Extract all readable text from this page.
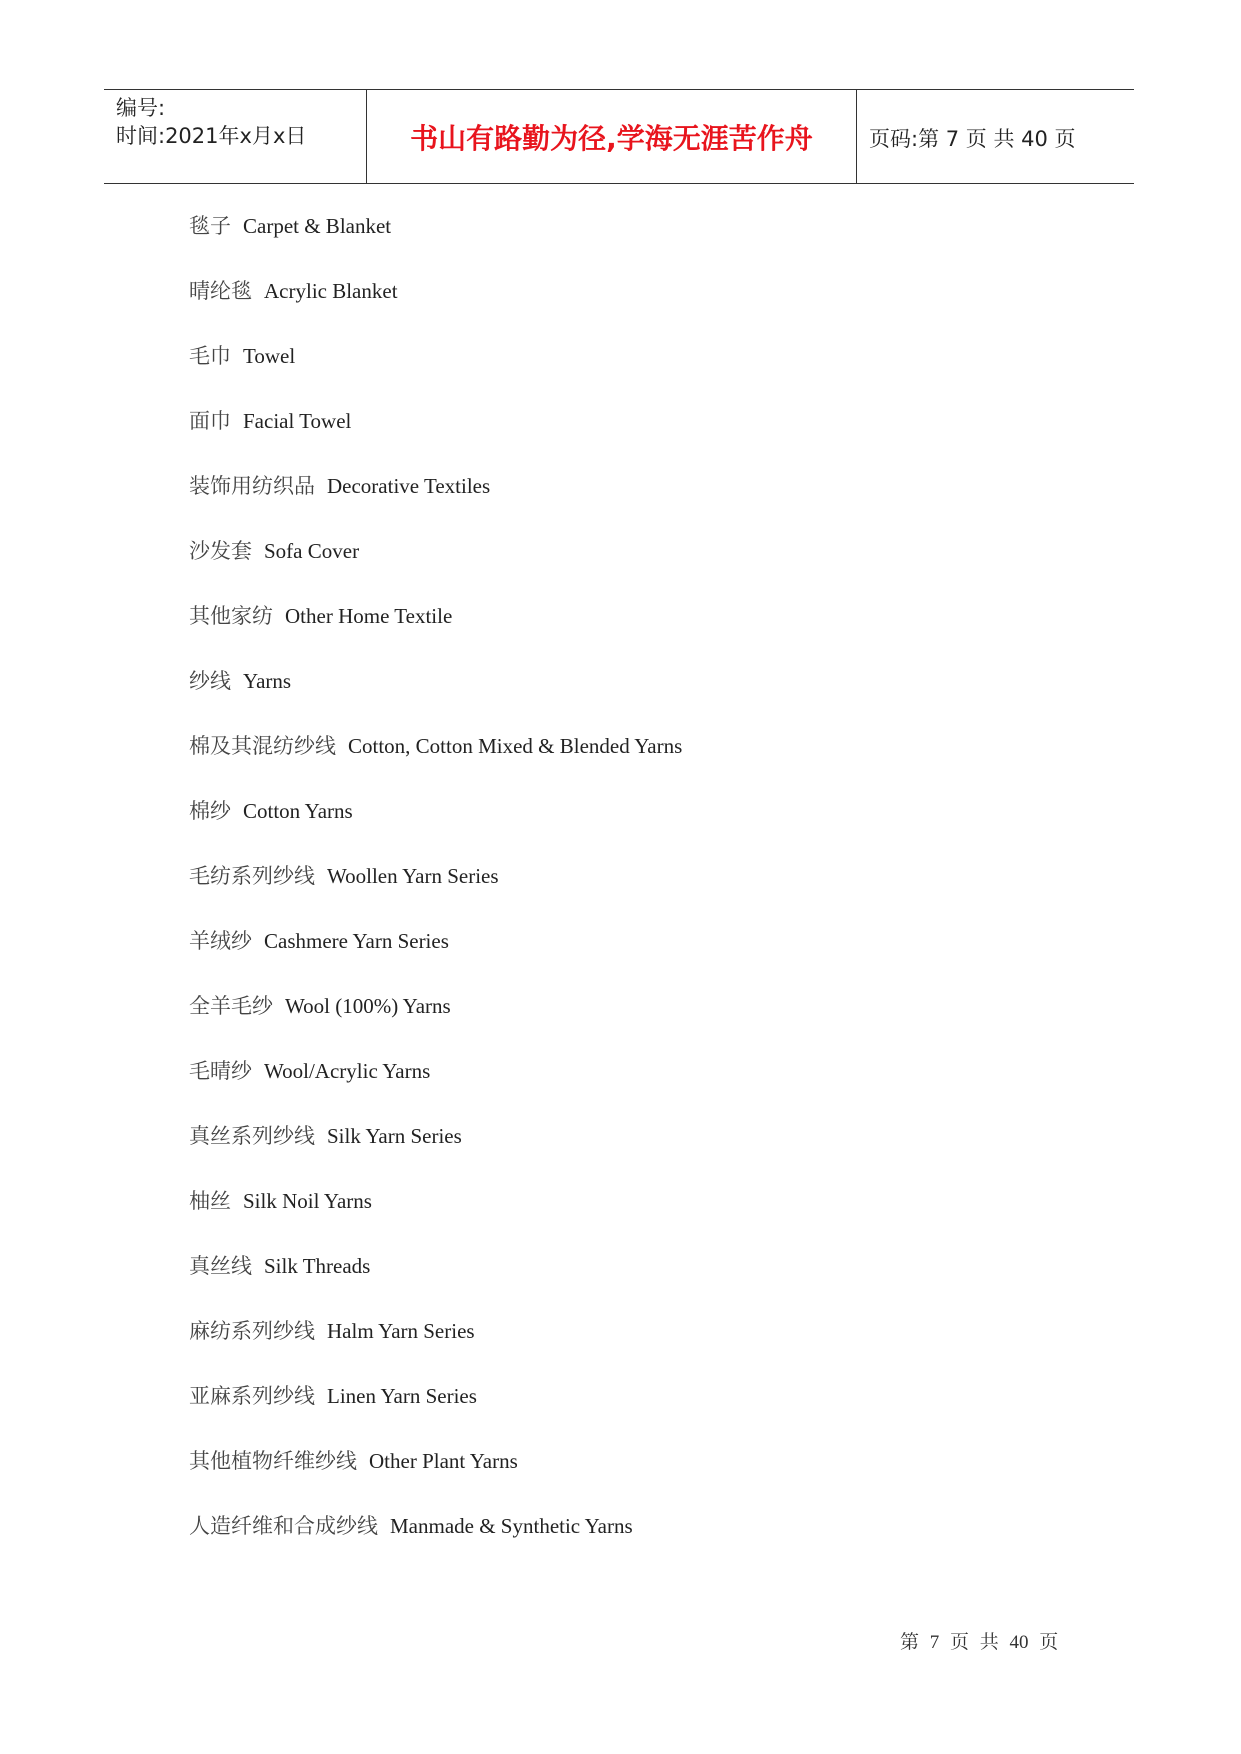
编号:
时间:2021年x月x日	书山有路勤为径,学海无涯苦作舟	页码:第 7 页 共 40 页
毯子 Carpet & Blanket
晴纶毯 Acrylic Blanket
毛巾 Towel
面巾 Facial Towel
装饰用纺织品 Decorative Textiles
沙发套 Sofa Cover
其他家纺 Other Home Textile
纱线 Yarns
棉及其混纺纱线 Cotton, Cotton Mixed & Blended Yarns
棉纱 Cotton Yarns
毛纺系列纱线 Woollen Yarn Series
羊绒纱 Cashmere Yarn Series
全羊毛纱 Wool (100%) Yarns
毛晴纱 Wool/Acrylic Yarns
真丝系列纱线 Silk Yarn Series
柚丝 Silk Noil Yarns
真丝线 Silk Threads
麻纺系列纱线 Halm Yarn Series
亚麻系列纱线 Linen Yarn Series
其他植物纤维纱线 Other Plant Yarns
人造纤维和合成纱线 Manmade & Synthetic Yarns
第 7 页 共 40 页
